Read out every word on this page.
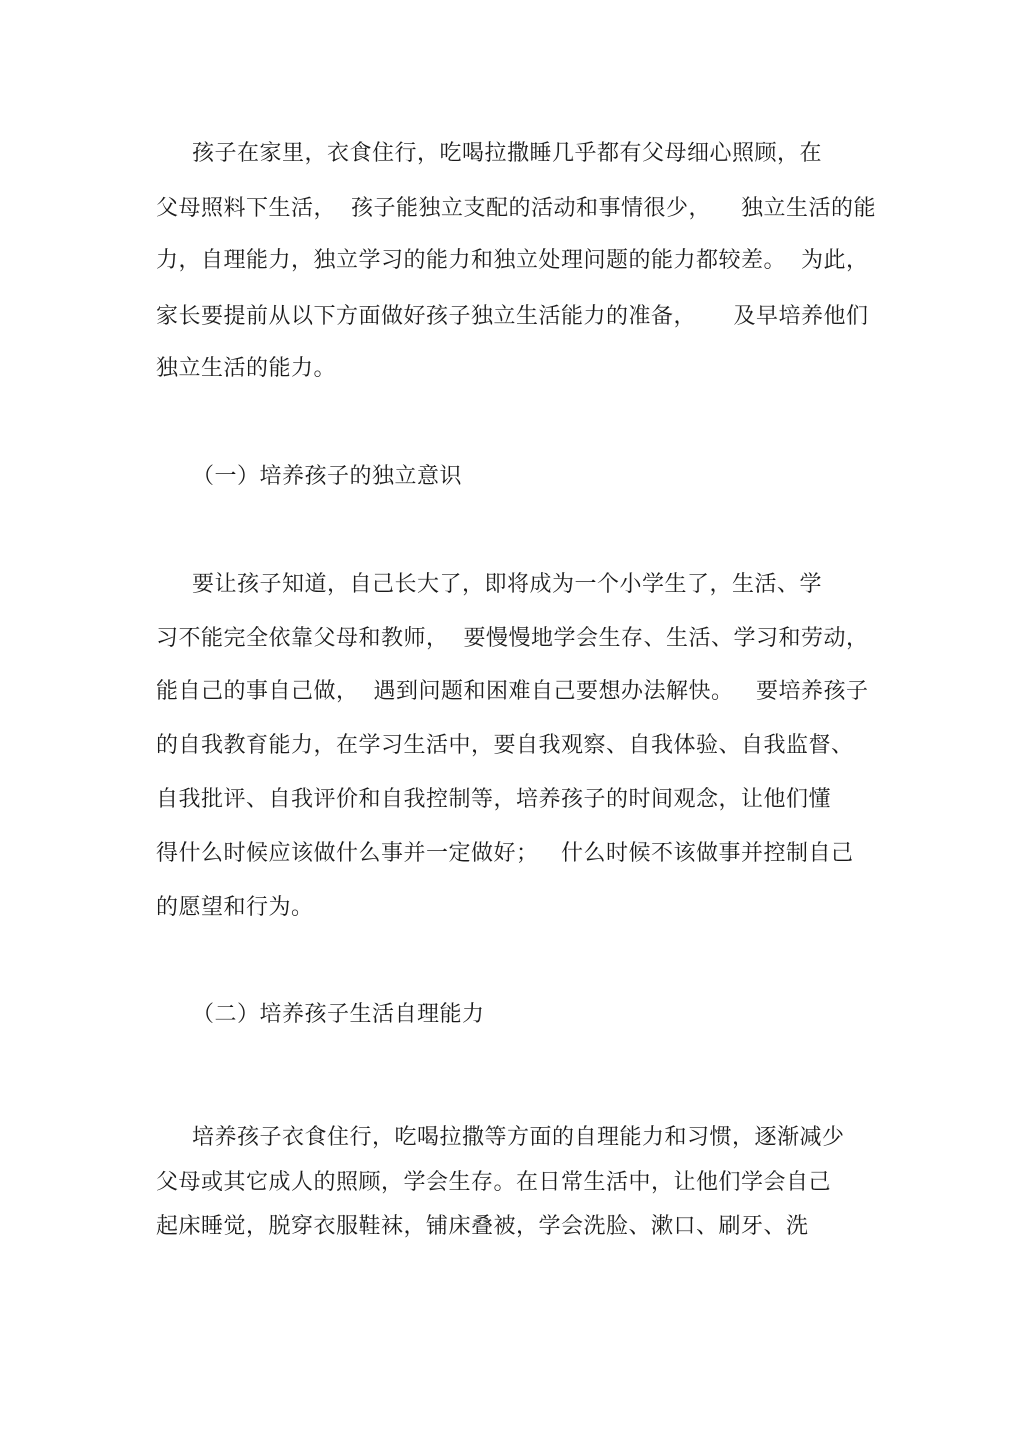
孩子在家里，衣食住行，吃喝拉撒睡几乎都有父母细心照顾，在
父母照料下生活，  孩子能独立支配的活动和事情很少，    独立生活的能
力，自理能力，独立学习的能力和独立处理问题的能力都较差。  为此，
家长要提前从以下方面做好孩子独立生活能力的准备，     及早培养他们
独立生活的能力。
（一）培养孩子的独立意识
要让孩子知道，自己长大了，即将成为一个小学生了，生活、学
习不能完全依靠父母和教师，  要慢慢地学会生存、生活、学习和劳动，
能自己的事自己做，  遇到问题和困难自己要想办法解快。   要培养孩子
的自我教育能力，在学习生活中，要自我观察、自我体验、自我监督、
自我批评、自我评价和自我控制等，培养孩子的时间观念，让他们懂
得什么时候应该做什么事并一定做好；   什么时候不该做事并控制自己
的愿望和行为。
（二）培养孩子生活自理能力
培养孩子衣食住行，吃喝拉撒等方面的自理能力和习惯，逐渐减少
父母或其它成人的照顾，学会生存。在日常生活中，让他们学会自己
起床睡觉，脱穿衣服鞋袜，铺床叠被，学会洗脸、漱口、刷牙、洗
